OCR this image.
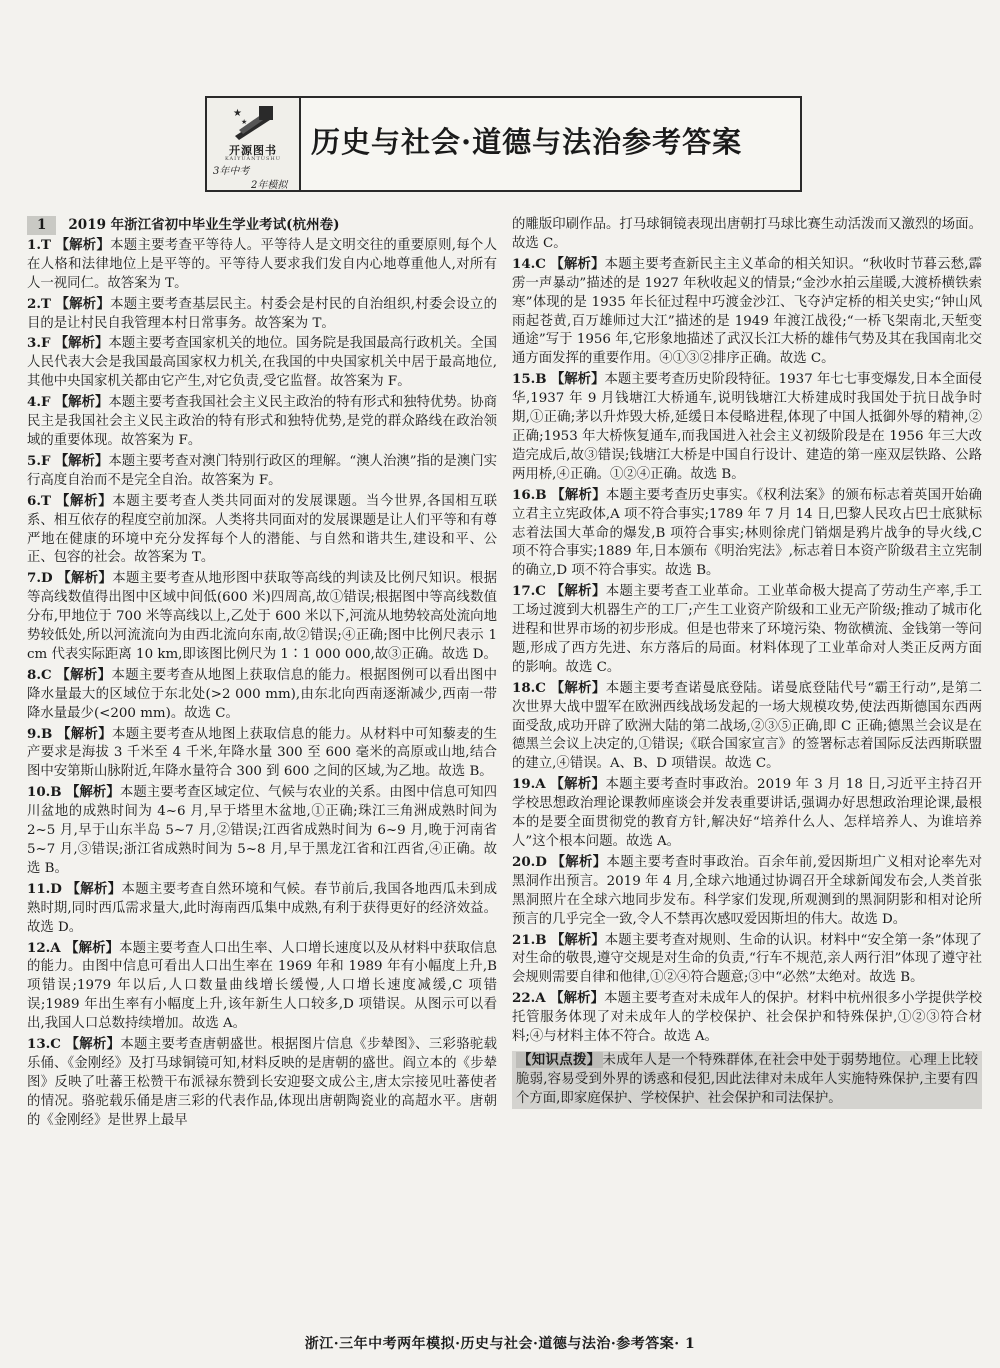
★
★
开源图书
KAIYUANTUSHU
3年中考
2年模拟
历史与社会·道德与法治参考答案
1 2019 年浙江省初中毕业生学业考试(杭州卷)
1.T 【解析】本题主要考查平等待人。平等待人是文明交往的重要原则,每个人在人格和法律地位上是平等的。平等待人要求我们发自内心地尊重他人,对所有人一视同仁。故答案为 T。
2.T 【解析】本题主要考查基层民主。村委会是村民的自治组织,村委会设立的目的是让村民自我管理本村日常事务。故答案为 T。
3.F 【解析】本题主要考查国家机关的地位。国务院是我国最高行政机关。全国人民代表大会是我国最高国家权力机关,在我国的中央国家机关中居于最高地位,其他中央国家机关都由它产生,对它负责,受它监督。故答案为 F。
4.F 【解析】本题主要考查我国社会主义民主政治的特有形式和独特优势。协商民主是我国社会主义民主政治的特有形式和独特优势,是党的群众路线在政治领域的重要体现。故答案为 F。
5.F 【解析】本题主要考查对澳门特别行政区的理解。“澳人治澳”指的是澳门实行高度自治而不是完全自治。故答案为 F。
6.T 【解析】本题主要考查人类共同面对的发展课题。当今世界,各国相互联系、相互依存的程度空前加深。人类将共同面对的发展课题是让人们平等和有尊严地在健康的环境中充分发挥每个人的潜能、与自然和谐共生,建设和平、公正、包容的社会。故答案为 T。
7.D 【解析】本题主要考查从地形图中获取等高线的判读及比例尺知识。根据等高线数值得出图中区域中间低(600 米)四周高,故①错误;根据图中等高线数值分布,甲地位于 700 米等高线以上,乙处于 600 米以下,河流从地势较高处流向地势较低处,所以河流流向为由西北流向东南,故②错误;④正确;图中比例尺表示 1 cm 代表实际距离 10 km,即该图比例尺为 1∶1 000 000,故③正确。故选 D。
8.C 【解析】本题主要考查从地图上获取信息的能力。根据图例可以看出图中降水量最大的区域位于东北处(>2 000 mm),由东北向西南逐渐减少,西南一带降水量最少(<200 mm)。故选 C。
9.B 【解析】本题主要考查从地图上获取信息的能力。从材料中可知藜麦的生产要求是海拔 3 千米至 4 千米,年降水量 300 至 600 毫米的高原或山地,结合图中安第斯山脉附近,年降水量符合 300 到 600 之间的区域,为乙地。故选 B。
10.B 【解析】本题主要考查区域定位、气候与农业的关系。由图中信息可知四川盆地的成熟时间为 4~6 月,早于塔里木盆地,①正确;珠江三角洲成熟时间为 2~5 月,早于山东半岛 5~7 月,②错误;江西省成熟时间为 6~9 月,晚于河南省 5~7 月,③错误;浙江省成熟时间为 5~8 月,早于黑龙江省和江西省,④正确。故选 B。
11.D 【解析】本题主要考查自然环境和气候。春节前后,我国各地西瓜未到成熟时期,同时西瓜需求量大,此时海南西瓜集中成熟,有利于获得更好的经济效益。故选 D。
12.A 【解析】本题主要考查人口出生率、人口增长速度以及从材料中获取信息的能力。由图中信息可看出人口出生率在 1969 年和 1989 年有小幅度上升,B 项错误;1979 年以后,人口数量曲线增长缓慢,人口增长速度减缓,C 项错误;1989 年出生率有小幅度上升,该年新生人口较多,D 项错误。从图示可以看出,我国人口总数持续增加。故选 A。
13.C 【解析】本题主要考查唐朝盛世。根据图片信息《步辇图》、三彩骆驼载乐俑、《金刚经》及打马球铜镜可知,材料反映的是唐朝的盛世。阎立本的《步辇图》反映了吐蕃王松赞干布派禄东赞到长安迎娶文成公主,唐太宗接见吐蕃使者的情况。骆驼载乐俑是唐三彩的代表作品,体现出唐朝陶瓷业的高超水平。唐朝的《金刚经》是世界上最早
的雕版印刷作品。打马球铜镜表现出唐朝打马球比赛生动活泼而又激烈的场面。故选 C。
14.C 【解析】本题主要考查新民主主义革命的相关知识。“秋收时节暮云愁,霹雳一声暴动”描述的是 1927 年秋收起义的情景;“金沙水拍云崖暖,大渡桥横铁索寒”体现的是 1935 年长征过程中巧渡金沙江、飞夺泸定桥的相关史实;“钟山风雨起苍黄,百万雄师过大江”描述的是 1949 年渡江战役;“一桥飞架南北,天堑变通途”写于 1956 年,它形象地描述了武汉长江大桥的雄伟气势及其在我国南北交通方面发挥的重要作用。④①③②排序正确。故选 C。
15.B 【解析】本题主要考查历史阶段特征。1937 年七七事变爆发,日本全面侵华,1937 年 9 月钱塘江大桥通车,说明钱塘江大桥建成时我国处于抗日战争时期,①正确;茅以升炸毁大桥,延缓日本侵略进程,体现了中国人抵御外辱的精神,②正确;1953 年大桥恢复通车,而我国进入社会主义初级阶段是在 1956 年三大改造完成后,故③错误;钱塘江大桥是中国自行设计、建造的第一座双层铁路、公路两用桥,④正确。①②④正确。故选 B。
16.B 【解析】本题主要考查历史事实。《权利法案》的颁布标志着英国开始确立君主立宪政体,A 项不符合事实;1789 年 7 月 14 日,巴黎人民攻占巴士底狱标志着法国大革命的爆发,B 项符合事实;林则徐虎门销烟是鸦片战争的导火线,C 项不符合事实;1889 年,日本颁布《明治宪法》,标志着日本资产阶级君主立宪制的确立,D 项不符合事实。故选 B。
17.C 【解析】本题主要考查工业革命。工业革命极大提高了劳动生产率,手工工场过渡到大机器生产的工厂;产生工业资产阶级和工业无产阶级;推动了城市化进程和世界市场的初步形成。但是也带来了环境污染、物欲横流、金钱第一等问题,形成了西方先进、东方落后的局面。材料体现了工业革命对人类正反两方面的影响。故选 C。
18.C 【解析】本题主要考查诺曼底登陆。诺曼底登陆代号“霸王行动”,是第二次世界大战中盟军在欧洲西线战场发起的一场大规模攻势,使法西斯德国东西两面受敌,成功开辟了欧洲大陆的第二战场,②③⑤正确,即 C 正确;德黑兰会议是在德黑兰会议上决定的,①错误;《联合国家宣言》的签署标志着国际反法西斯联盟的建立,④错误。A、B、D 项错误。故选 C。
19.A 【解析】本题主要考查时事政治。2019 年 3 月 18 日,习近平主持召开学校思想政治理论课教师座谈会并发表重要讲话,强调办好思想政治理论课,最根本的是要全面贯彻党的教育方针,解决好“培养什么人、怎样培养人、为谁培养人”这个根本问题。故选 A。
20.D 【解析】本题主要考查时事政治。百余年前,爱因斯坦广义相对论率先对黑洞作出预言。2019 年 4 月,全球六地通过协调召开全球新闻发布会,人类首张黑洞照片在全球六地同步发布。科学家们发现,所观测到的黑洞阴影和相对论所预言的几乎完全一致,令人不禁再次感叹爱因斯坦的伟大。故选 D。
21.B 【解析】本题主要考查对规则、生命的认识。材料中“安全第一条”体现了对生命的敬畏,遵守交规是对生命的负责,“行车不规范,亲人两行泪”体现了遵守社会规则需要自律和他律,①②④符合题意;③中“必然”太绝对。故选 B。
22.A 【解析】本题主要考查对未成年人的保护。材料中杭州很多小学提供学校托管服务体现了对未成年人的学校保护、社会保护和特殊保护,①②③符合材料;④与材料主体不符合。故选 A。
【知识点拨】 未成年人是一个特殊群体,在社会中处于弱势地位。心理上比较脆弱,容易受到外界的诱惑和侵犯,因此法律对未成年人实施特殊保护,主要有四个方面,即家庭保护、学校保护、社会保护和司法保护。
浙江·三年中考两年模拟·历史与社会·道德与法治·参考答案· 1
